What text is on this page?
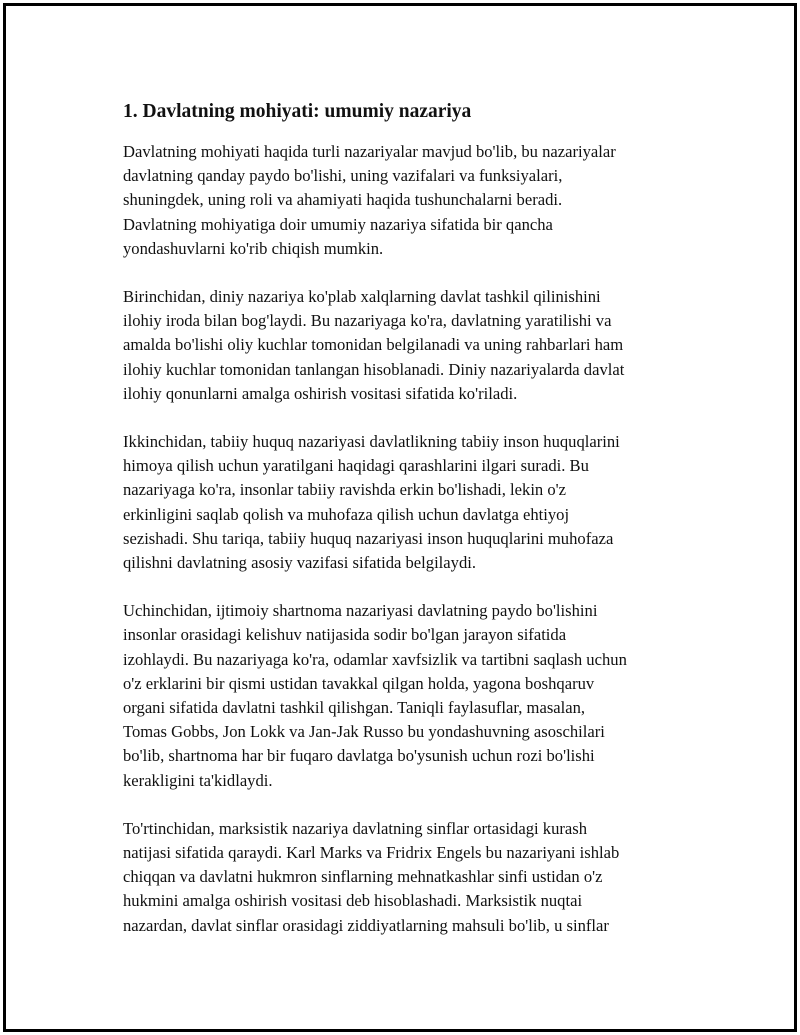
1. Davlatning mohiyati: umumiy nazariya

Davlatning mohiyati haqida turli nazariyalar mavjud bo'lib, bu nazariyalar
davlatning qanday paydo bo'lishi, uning vazifalari va funksiyalari,
shuningdek, uning roli va ahamiyati haqida tushunchalarni beradi.
Davlatning mohiyatiga doir umumiy nazariya sifatida bir qancha
yondashuvlarni ko'rib chiqish mumkin.

Birinchidan, diniy nazariya ko'plab xalqlarning davlat tashkil qilinishini
ilohiy iroda bilan bog'laydi. Bu nazariyaga ko'ra, davlatning yaratilishi va
amalda bo'lishi oliy kuchlar tomonidan belgilanadi va uning rahbarlari ham
ilohiy kuchlar tomonidan tanlangan hisoblanadi. Diniy nazariyalarda davlat
ilohiy qonunlarni amalga oshirish vositasi sifatida ko'riladi.

Ikkinchidan, tabiiy huquq nazariyasi davlatlikning tabiiy inson huquqlarini
himoya qilish uchun yaratilgani haqidagi qarashlarini ilgari suradi. Bu
nazariyaga ko'ra, insonlar tabiiy ravishda erkin bo'lishadi, lekin o'z
erkinligini saqlab qolish va muhofaza qilish uchun davlatga ehtiyoj
sezishadi. Shu tariqa, tabiiy huquq nazariyasi inson huquqlarini muhofaza
qilishni davlatning asosiy vazifasi sifatida belgilaydi.

Uchinchidan, ijtimoiy shartnoma nazariyasi davlatning paydo bo'lishini
insonlar orasidagi kelishuv natijasida sodir bo'lgan jarayon sifatida
izohlaydi. Bu nazariyaga ko'ra, odamlar xavfsizlik va tartibni saqlash uchun
o'z erklarini bir qismi ustidan tavakkal qilgan holda, yagona boshqaruv
organi sifatida davlatni tashkil qilishgan. Taniqli faylasuflar, masalan,
Tomas Gobbs, Jon Lokk va Jan-Jak Russo bu yondashuvning asoschilari
bo'lib, shartnoma har bir fuqaro davlatga bo'ysunish uchun rozi bo'lishi
kerakligini ta'kidlaydi.

To'rtinchidan, marksistik nazariya davlatning sinflar ortasidagi kurash
natijasi sifatida qaraydi. Karl Marks va Fridrix Engels bu nazariyani ishlab
chiqqan va davlatni hukmron sinflarning mehnatkashlar sinfi ustidan o'z
hukmini amalga oshirish vositasi deb hisoblashadi. Marksistik nuqtai
nazardan, davlat sinflar orasidagi ziddiyatlarning mahsuli bo'lib, u sinflar
